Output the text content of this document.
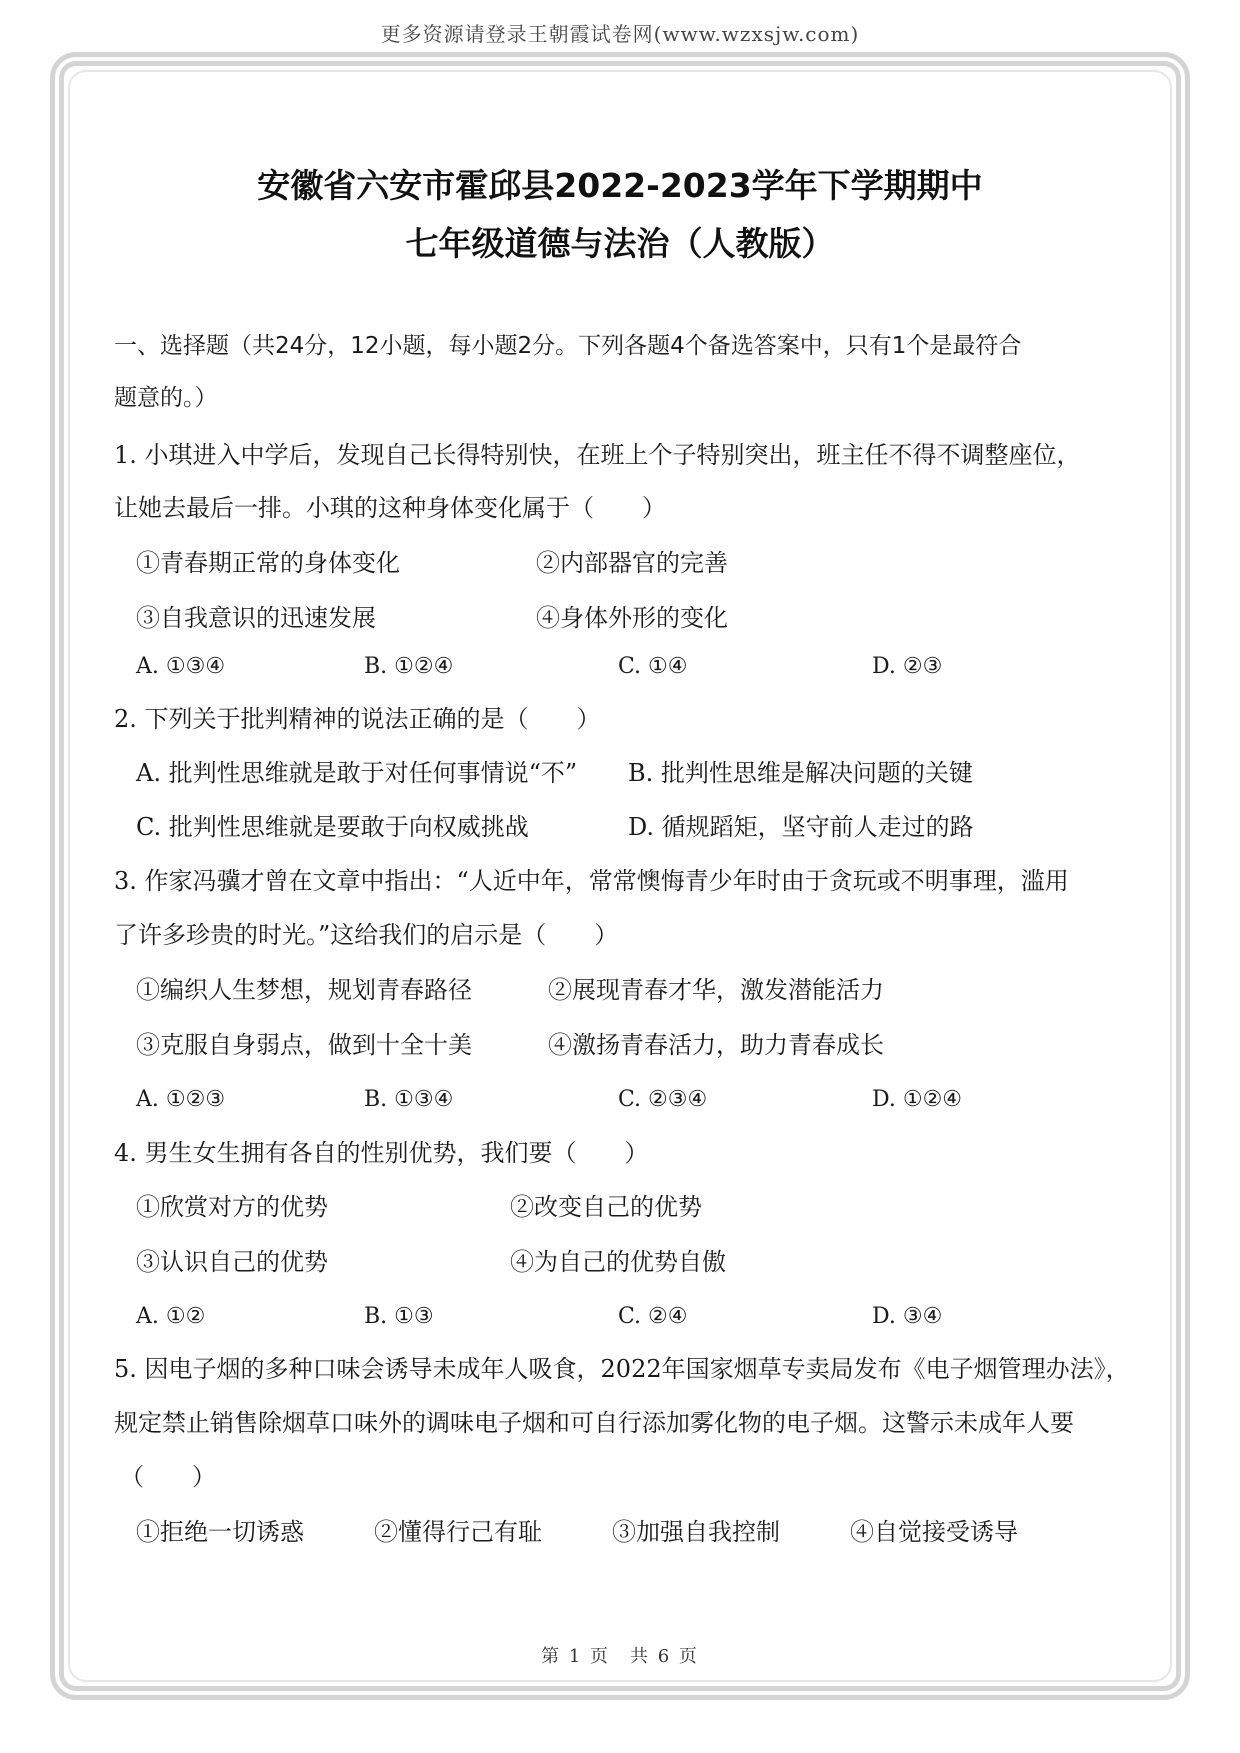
更多资源请登录王朝霞试卷网(www.wzxsjw.com)
安徽省六安市霍邱县2022-2023学年下学期期中
七年级道德与法治（人教版）
一、选择题（共24分，12小题，每小题2分。下列各题4个备选答案中，只有1个是最符合
题意的。）
1. 小琪进入中学后，发现自己长得特别快，在班上个子特别突出，班主任不得不调整座位，
让她去最后一排。小琪的这种身体变化属于（　　）
①青春期正常的身体变化	②内部器官的完善
③自我意识的迅速发展	④身体外形的变化
A. ①③④	B. ①②④	C. ①④	D. ②③
2. 下列关于批判精神的说法正确的是（　　）
A. 批判性思维就是敢于对任何事情说“不” B. 批判性思维是解决问题的关键
C. 批判性思维就是要敢于向权威挑战	D. 循规蹈矩，坚守前人走过的路
3. 作家冯骥才曾在文章中指出：“人近中年，常常懊悔青少年时由于贪玩或不明事理，滥用
了许多珍贵的时光。”这给我们的启示是（　　）
①编织人生梦想，规划青春路径	②展现青春才华，激发潜能活力
③克服自身弱点，做到十全十美	④激扬青春活力，助力青春成长
A. ①②③	B. ①③④	C. ②③④	D. ①②④
4. 男生女生拥有各自的性别优势，我们要（　　）
①欣赏对方的优势	②改变自己的优势
③认识自己的优势	④为自己的优势自傲
A. ①②	B. ①③	C. ②④	D. ③④
5. 因电子烟的多种口味会诱导未成年人吸食，2022年国家烟草专卖局发布《电子烟管理办法》，
规定禁止销售除烟草口味外的调味电子烟和可自行添加雾化物的电子烟。这警示未成年人要
（　　）
①拒绝一切诱惑	②懂得行己有耻	③加强自我控制	④自觉接受诱导
第 1 页　共 6 页
